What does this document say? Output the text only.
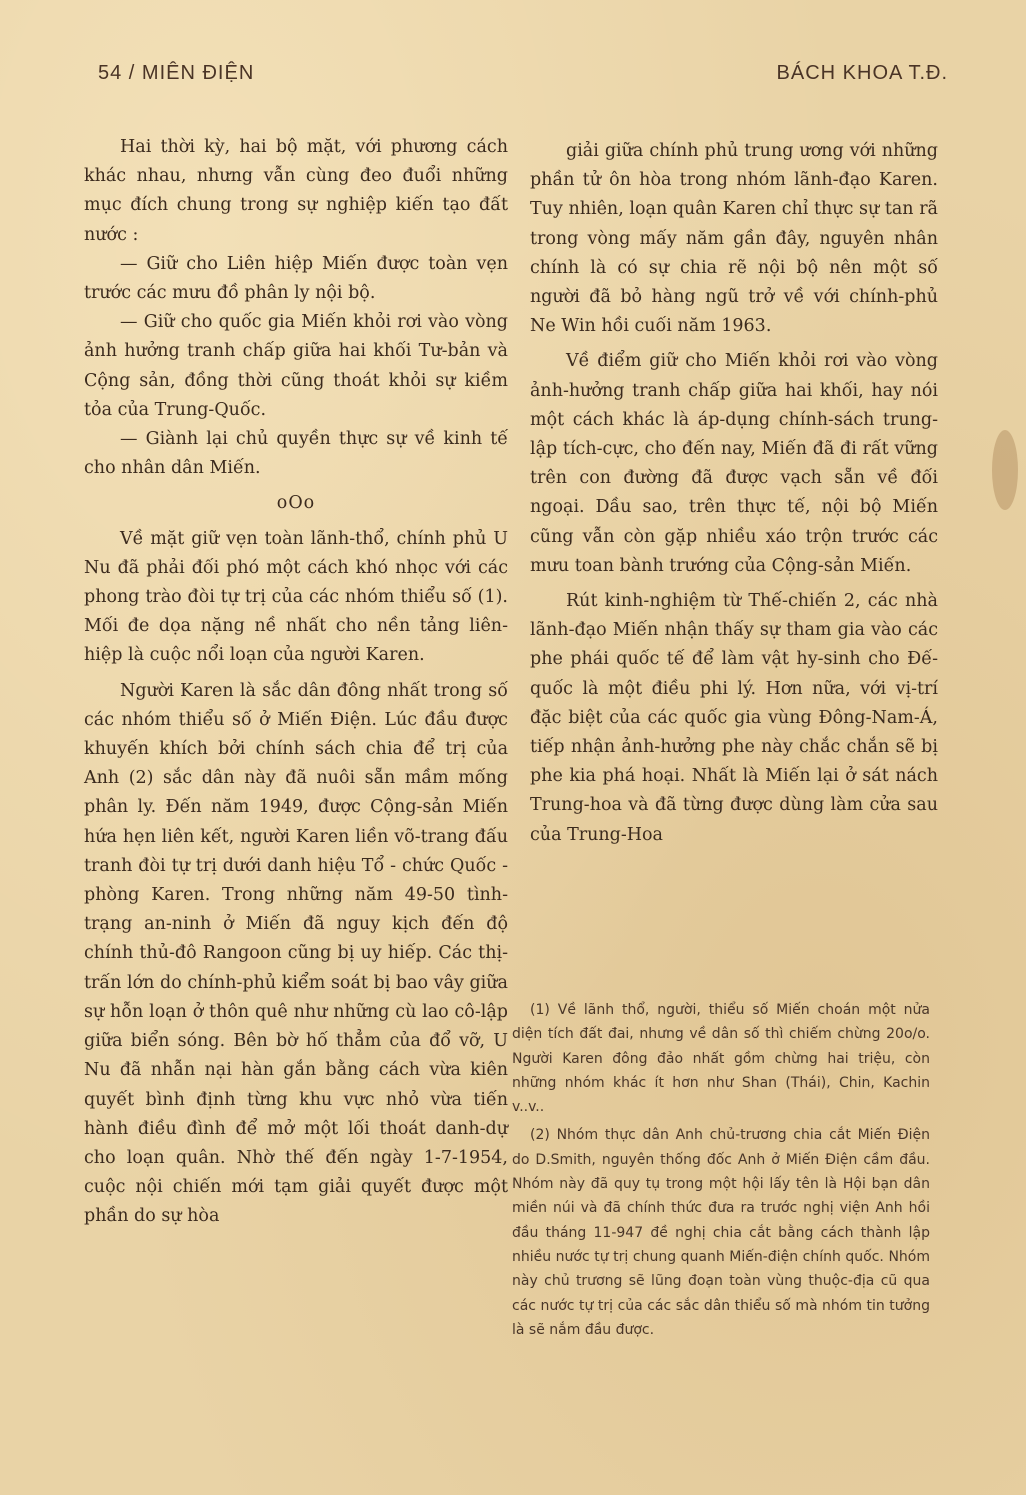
54 / MIÊN ĐIỆN	BÁCH KHOA T.Đ.

Hai thời kỳ, hai bộ mặt, với phương cách khác nhau, nhưng vẫn cùng đeo đuổi những mục đích chung trong sự nghiệp kiến tạo đất nước :

— Giữ cho Liên hiệp Miến được toàn vẹn trước các mưu đồ phân ly nội bộ.

— Giữ cho quốc gia Miến khỏi rơi vào vòng ảnh hưởng tranh chấp giữa hai khối Tư-bản và Cộng sản, đồng thời cũng thoát khỏi sự kiềm tỏa của Trung-Quốc.

— Giành lại chủ quyền thực sự về kinh tế cho nhân dân Miến.

oOo

Về mặt giữ vẹn toàn lãnh-thổ, chính phủ U Nu đã phải đối phó một cách khó nhọc với các phong trào đòi tự trị của các nhóm thiểu số (1). Mối đe dọa nặng nề nhất cho nền tảng liên-hiệp là cuộc nổi loạn của người Karen.

Người Karen là sắc dân đông nhất trong số các nhóm thiểu số ở Miến Điện. Lúc đầu được khuyến khích bởi chính sách chia để trị của Anh (2) sắc dân này đã nuôi sẵn mầm mống phân ly. Đến năm 1949, được Cộng-sản Miến hứa hẹn liên kết, người Karen liền võ-trang đấu tranh đòi tự trị dưới danh hiệu Tổ - chức Quốc - phòng Karen. Trong những năm 49-50 tình-trạng an-ninh ở Miến đã nguy kịch đến độ chính thủ-đô Rangoon cũng bị uy hiếp. Các thị-trấn lớn do chính-phủ kiểm soát bị bao vây giữa sự hỗn loạn ở thôn quê như những cù lao cô-lập giữa biển sóng. Bên bờ hố thẳm của đổ vỡ, U Nu đã nhẫn nại hàn gắn bằng cách vừa kiên quyết bình định từng khu vực nhỏ vừa tiến hành điều đình để mở một lối thoát danh-dự cho loạn quân. Nhờ thế đến ngày 1-7-1954, cuộc nội chiến mới tạm giải quyết được một phần do sự hòa

giải giữa chính phủ trung ương với những phần tử ôn hòa trong nhóm lãnh-đạo Karen. Tuy nhiên, loạn quân Karen chỉ thực sự tan rã trong vòng mấy năm gần đây, nguyên nhân chính là có sự chia rẽ nội bộ nên một số người đã bỏ hàng ngũ trở về với chính-phủ Ne Win hồi cuối năm 1963.

Về điểm giữ cho Miến khỏi rơi vào vòng ảnh-hưởng tranh chấp giữa hai khối, hay nói một cách khác là áp-dụng chính-sách trung-lập tích-cực, cho đến nay, Miến đã đi rất vững trên con đường đã được vạch sẵn về đối ngoại. Dầu sao, trên thực tế, nội bộ Miến cũng vẫn còn gặp nhiều xáo trộn trước các mưu toan bành trướng của Cộng-sản Miến.

Rút kinh-nghiệm từ Thế-chiến 2, các nhà lãnh-đạo Miến nhận thấy sự tham gia vào các phe phái quốc tế để làm vật hy-sinh cho Đế-quốc là một điều phi lý. Hơn nữa, với vị-trí đặc biệt của các quốc gia vùng Đông-Nam-Á, tiếp nhận ảnh-hưởng phe này chắc chắn sẽ bị phe kia phá hoại. Nhất là Miến lại ở sát nách Trung-hoa và đã từng được dùng làm cửa sau của Trung-Hoa

(1) Về lãnh thổ, người, thiểu số Miến choán một nửa diện tích đất đai, nhưng về dân số thì chiếm chừng 20o/o. Người Karen đông đảo nhất gồm chừng hai triệu, còn những nhóm khác ít hơn như Shan (Thái), Chin, Kachin v..v..

(2) Nhóm thực dân Anh chủ-trương chia cắt Miến Điện do D.Smith, nguyên thống đốc Anh ở Miến Điện cầm đầu. Nhóm này đã quy tụ trong một hội lấy tên là Hội bạn dân miền núi và đã chính thức đưa ra trước nghị viện Anh hồi đầu tháng 11-947 đề nghị chia cắt bằng cách thành lập nhiều nước tự trị chung quanh Miến-điện chính quốc. Nhóm này chủ trương sẽ lũng đoạn toàn vùng thuộc-địa cũ qua các nước tự trị của các sắc dân thiểu số mà nhóm tin tưởng là sẽ nắm đầu được.
